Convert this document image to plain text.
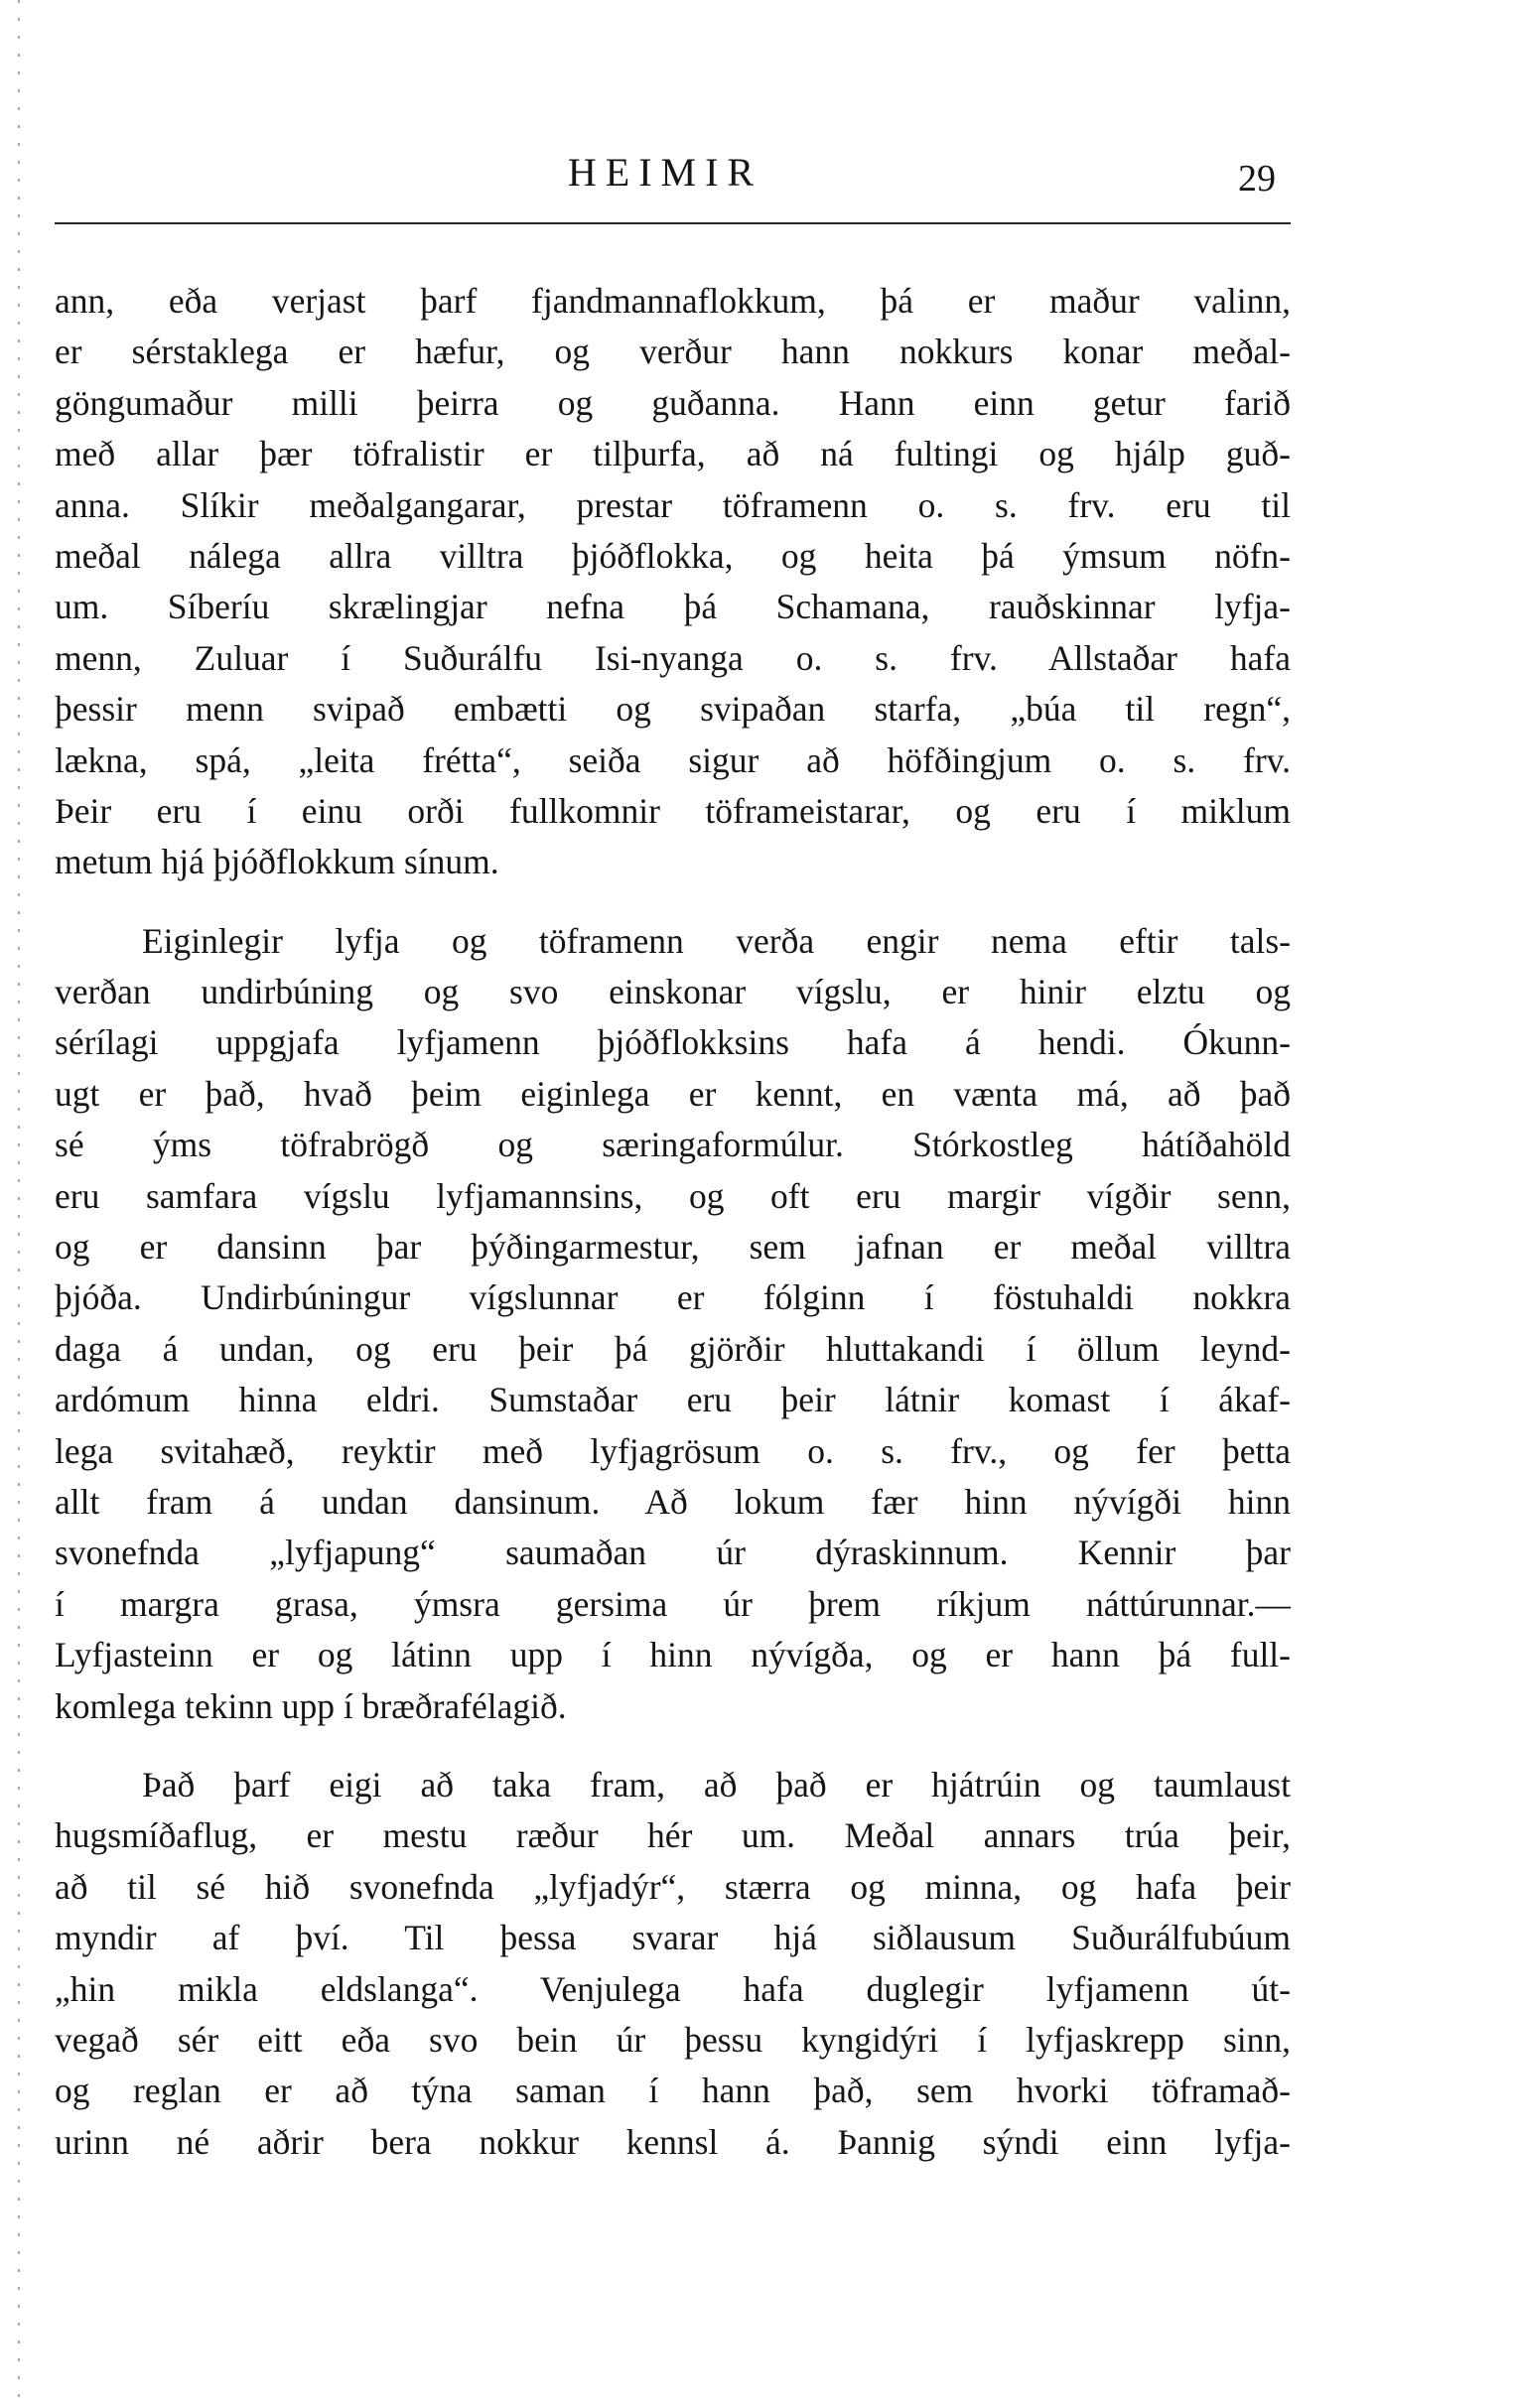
HEIMIR	29
ann, eða verjast þarf fjandmannaflokkum, þá er maður valinn,
er sérstaklega er hæfur, og verður hann nokkurs konar meðal-
göngumaður milli þeirra og guðanna. Hann einn getur farið
með allar þær töfralistir er tilþurfa, að ná fultingi og hjálp guð-
anna. Slíkir meðalgangarar, prestar töframenn o. s. frv. eru til
meðal nálega allra villtra þjóðflokka, og heita þá ýmsum nöfn-
um. Síberíu skrælingjar nefna þá Schamana, rauðskinnar lyfja-
menn, Zuluar í Suðurálfu Isi-nyanga o. s. frv. Allstaðar hafa
þessir menn svipað embætti og svipaðan starfa, „búa til regn“,
lækna, spá, „leita frétta“, seiða sigur að höfðingjum o. s. frv.
Þeir eru í einu orði fullkomnir töframeistarar, og eru í miklum
metum hjá þjóðflokkum sínum.
Eiginlegir lyfja og töframenn verða engir nema eftir tals-
verðan undirbúning og svo einskonar vígslu, er hinir elztu og
sérílagi uppgjafa lyfjamenn þjóðflokksins hafa á hendi. Ókunn-
ugt er það, hvað þeim eiginlega er kennt, en vænta má, að það
sé ýms töfrabrögð og særingaformúlur. Stórkostleg hátíðahöld
eru samfara vígslu lyfjamannsins, og oft eru margir vígðir senn,
og er dansinn þar þýðingarmestur, sem jafnan er meðal villtra
þjóða. Undirbúningur vígslunnar er fólginn í föstuhaldi nokkra
daga á undan, og eru þeir þá gjörðir hluttakandi í öllum leynd-
ardómum hinna eldri. Sumstaðar eru þeir látnir komast í ákaf-
lega svitahæð, reyktir með lyfjagrösum o. s. frv., og fer þetta
allt fram á undan dansinum. Að lokum fær hinn nývígði hinn
svonefnda „lyfjapung“ saumaðan úr dýraskinnum. Kennir þar
í margra grasa, ýmsra gersima úr þrem ríkjum náttúrunnar.—
Lyfjasteinn er og látinn upp í hinn nývígða, og er hann þá full-
komlega tekinn upp í bræðrafélagið.
Það þarf eigi að taka fram, að það er hjátrúin og taumlaust
hugsmíðaflug, er mestu ræður hér um. Meðal annars trúa þeir,
að til sé hið svonefnda „lyfjadýr“, stærra og minna, og hafa þeir
myndir af því. Til þessa svarar hjá siðlausum Suðurálfubúum
„hin mikla eldslanga“. Venjulega hafa duglegir lyfjamenn út-
vegað sér eitt eða svo bein úr þessu kyngidýri í lyfjaskrepp sinn,
og reglan er að týna saman í hann það, sem hvorki töframað-
urinn né aðrir bera nokkur kennsl á. Þannig sýndi einn lyfja-
